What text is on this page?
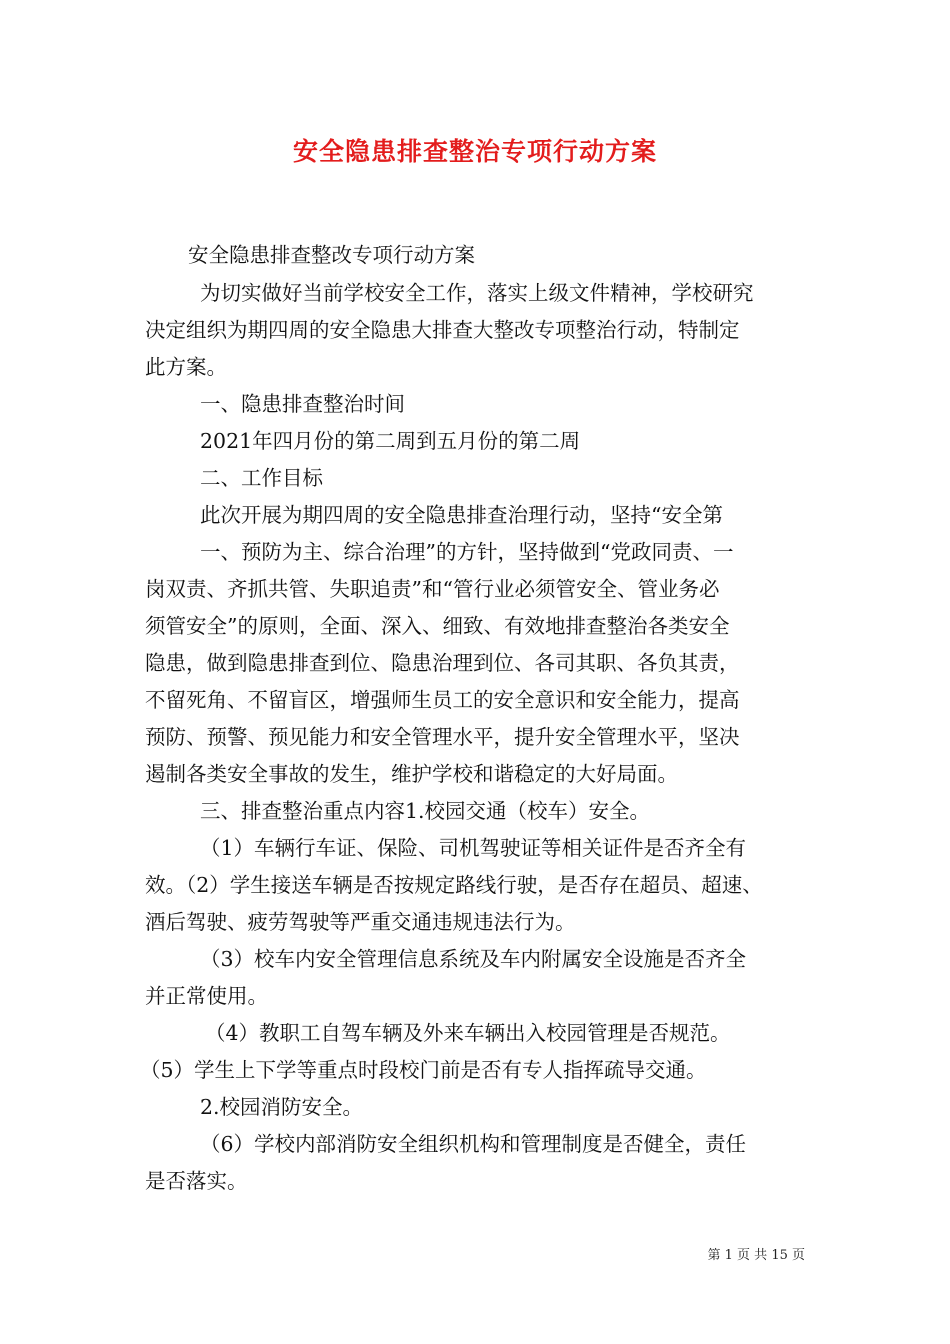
安全隐患排查整治专项行动方案

安全隐患排查整改专项行动方案

为切实做好当前学校安全工作，落实上级文件精神，学校研究

决定组织为期四周的安全隐患大排查大整改专项整治行动，特制定

此方案。

一、隐患排查整治时间

2021年四月份的第二周到五月份的第二周

二、工作目标

此次开展为期四周的安全隐患排查治理行动，坚持“安全第

一、预防为主、综合治理”的方针，坚持做到“党政同责、一

岗双责、齐抓共管、失职追责”和“管行业必须管安全、管业务必

须管安全”的原则，全面、深入、细致、有效地排查整治各类安全

隐患，做到隐患排查到位、隐患治理到位、各司其职、各负其责，

不留死角、不留盲区，增强师生员工的安全意识和安全能力，提高

预防、预警、预见能力和安全管理水平，提升安全管理水平，坚决

遏制各类安全事故的发生，维护学校和谐稳定的大好局面。

三、排查整治重点内容1.校园交通（校车）安全。

（1）车辆行车证、保险、司机驾驶证等相关证件是否齐全有

效。（2）学生接送车辆是否按规定路线行驶，是否存在超员、超速、

酒后驾驶、疲劳驾驶等严重交通违规违法行为。

（3）校车内安全管理信息系统及车内附属安全设施是否齐全

并正常使用。

（4）教职工自驾车辆及外来车辆出入校园管理是否规范。

（5）学生上下学等重点时段校门前是否有专人指挥疏导交通。

2.校园消防安全。

（6）学校内部消防安全组织机构和管理制度是否健全，责任

是否落实。

第 1 页 共 15 页
